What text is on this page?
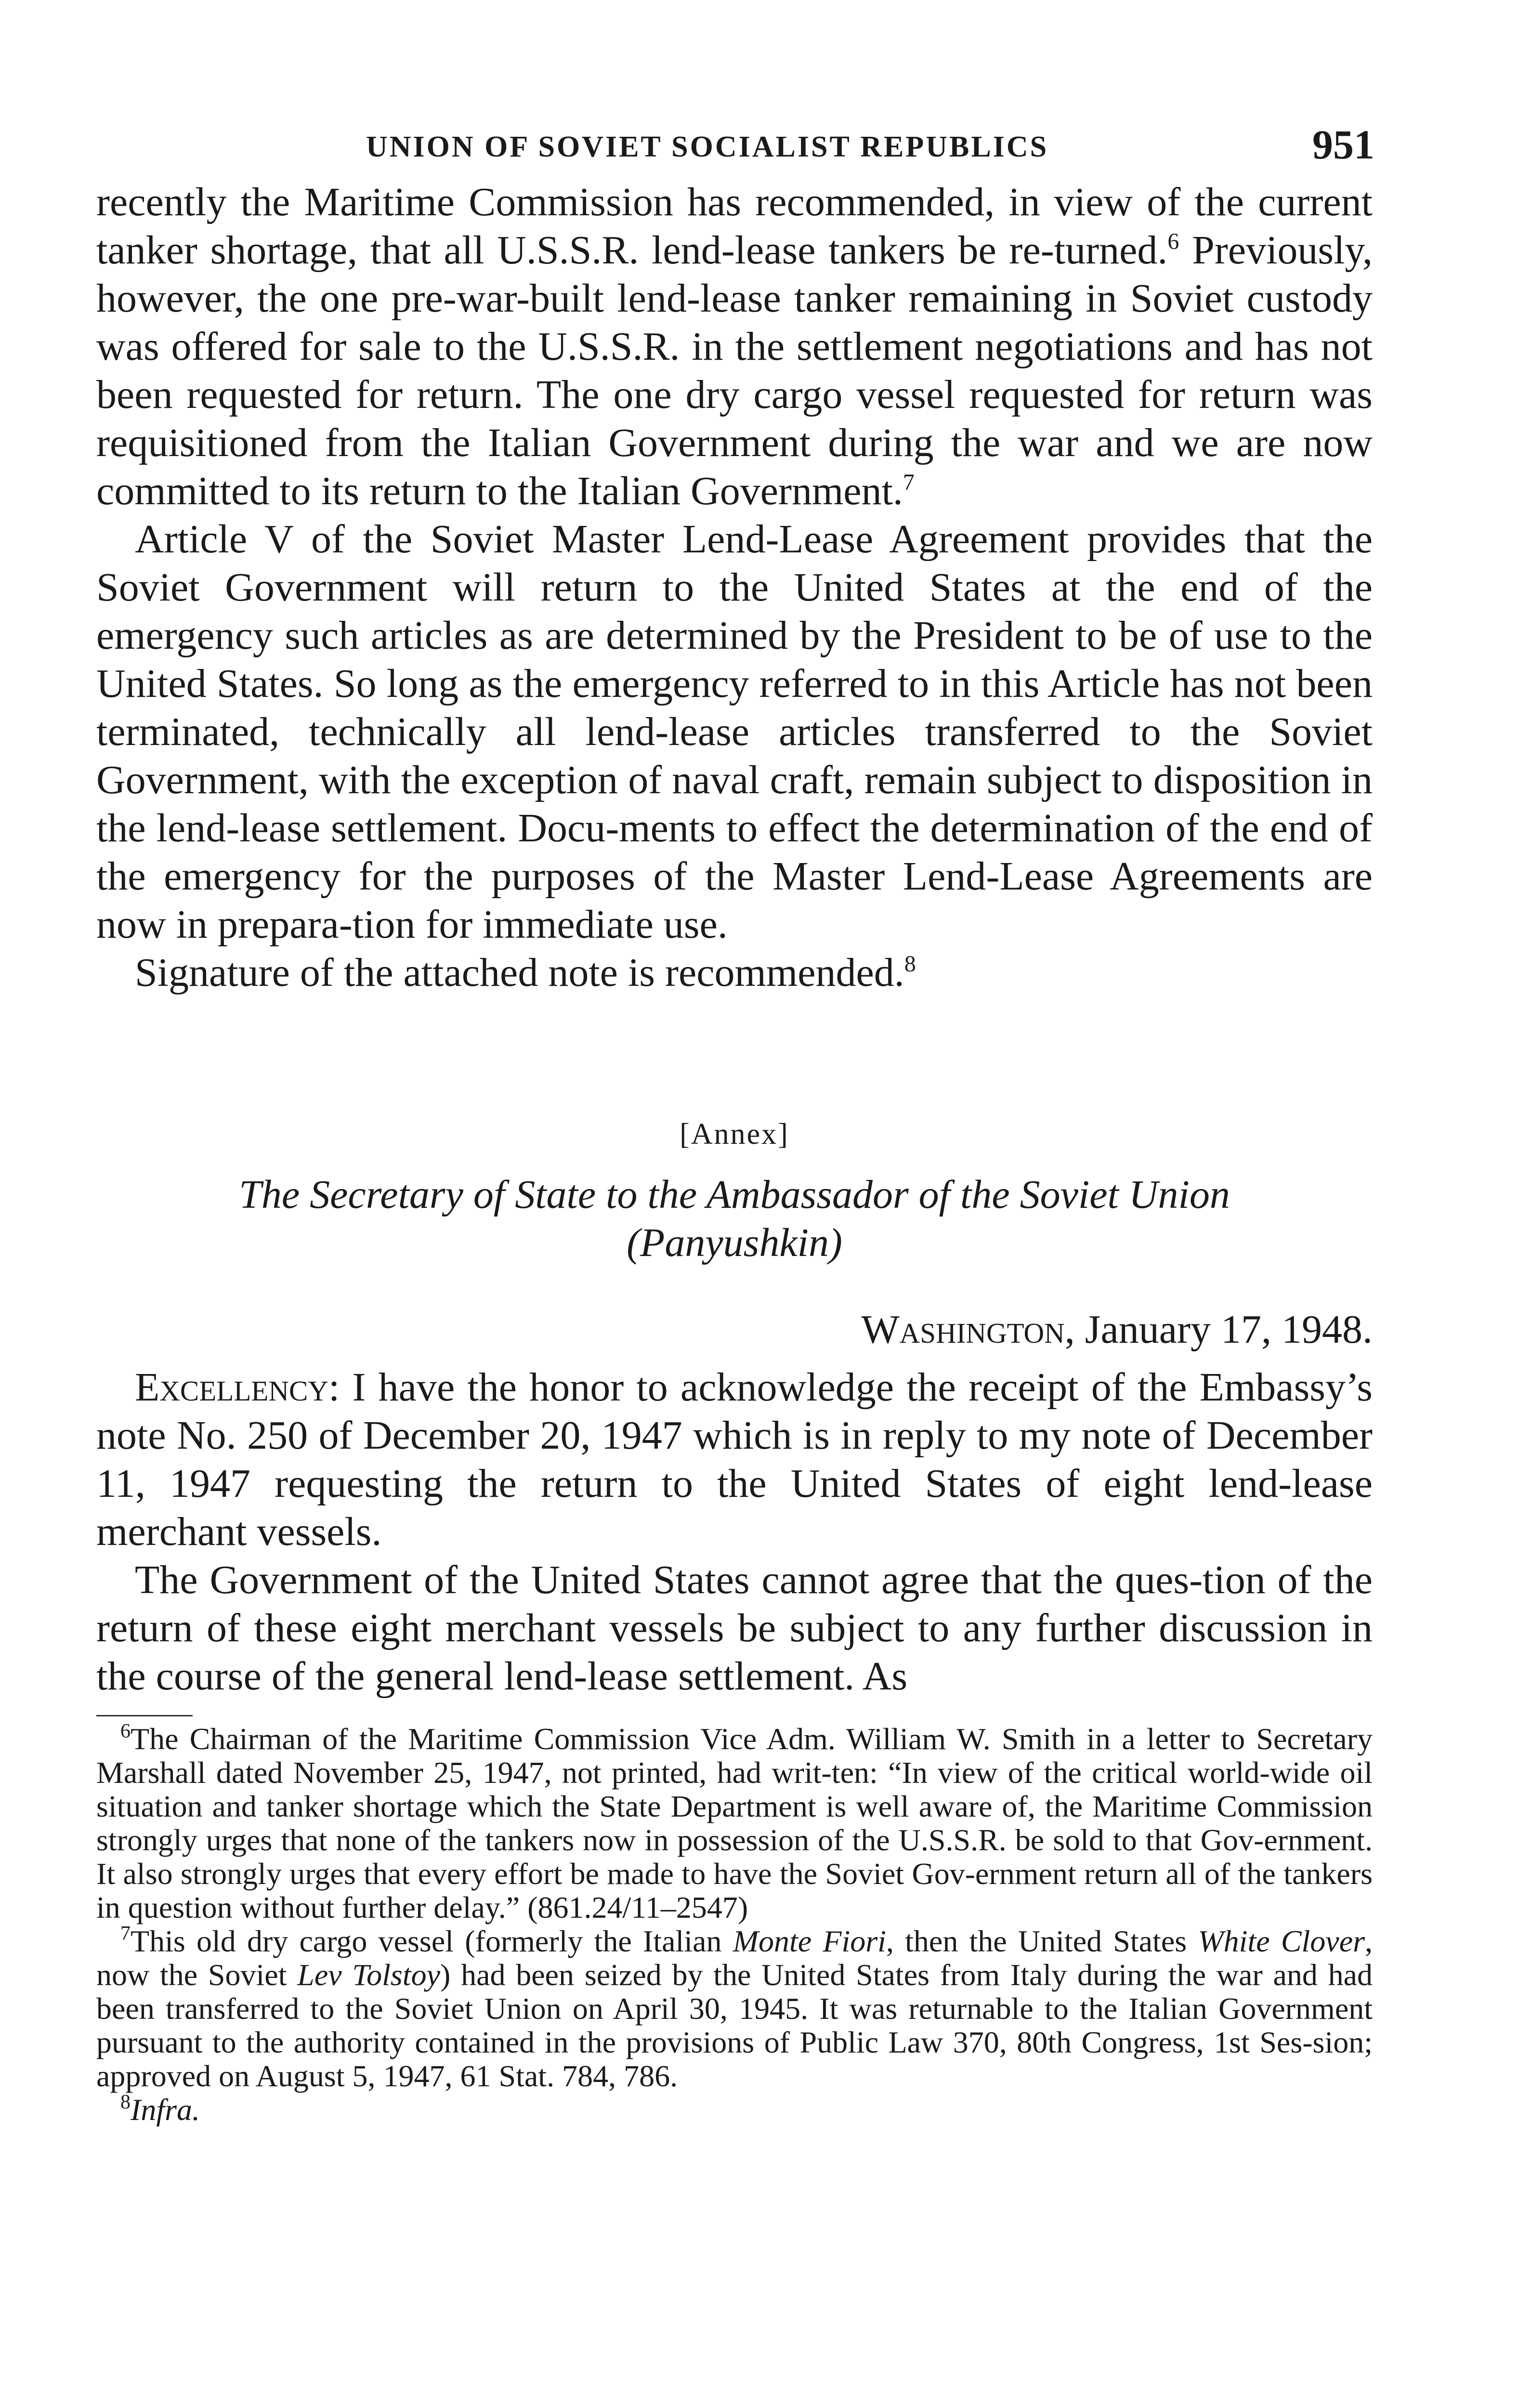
UNION OF SOVIET SOCIALIST REPUBLICS	951

recently the Maritime Commission has recommended, in view of the current tanker shortage, that all U.S.S.R. lend-lease tankers be re-turned.$^6$ Previously, however, the one pre-war-built lend-lease tanker remaining in Soviet custody was offered for sale to the U.S.S.R. in the settlement negotiations and has not been requested for return. The one dry cargo vessel requested for return was requisitioned from the Italian Government during the war and we are now committed to its return to the Italian Government.$^7$

Article V of the Soviet Master Lend-Lease Agreement provides that the Soviet Government will return to the United States at the end of the emergency such articles as are determined by the President to be of use to the United States. So long as the emergency referred to in this Article has not been terminated, technically all lend-lease articles transferred to the Soviet Government, with the exception of naval craft, remain subject to disposition in the lend-lease settlement. Docu-ments to effect the determination of the end of the emergency for the purposes of the Master Lend-Lease Agreements are now in prepara-tion for immediate use.

Signature of the attached note is recommended.$^8$

[Annex]
The Secretary of State to the Ambassador of the Soviet Union
(Panyushkin)
Washington, January 17, 1948.

Excellency: I have the honor to acknowledge the receipt of the Embassy’s note No. 250 of December 20, 1947 which is in reply to my note of December 11, 1947 requesting the return to the United States of eight lend-lease merchant vessels.

The Government of the United States cannot agree that the ques-tion of the return of these eight merchant vessels be subject to any further discussion in the course of the general lend-lease settlement. As

$^6$The Chairman of the Maritime Commission Vice Adm. William W. Smith in a letter to Secretary Marshall dated November 25, 1947, not printed, had writ-ten: “In view of the critical world-wide oil situation and tanker shortage which the State Department is well aware of, the Maritime Commission strongly urges that none of the tankers now in possession of the U.S.S.R. be sold to that Gov-ernment. It also strongly urges that every effort be made to have the Soviet Gov-ernment return all of the tankers in question without further delay.” (861.24/11–2547)

$^7$This old dry cargo vessel (formerly the Italian Monte Fiori, then the United States White Clover, now the Soviet Lev Tolstoy) had been seized by the United States from Italy during the war and had been transferred to the Soviet Union on April 30, 1945. It was returnable to the Italian Government pursuant to the authority contained in the provisions of Public Law 370, 80th Congress, 1st Ses-sion; approved on August 5, 1947, 61 Stat. 784, 786.

$^8$Infra.
